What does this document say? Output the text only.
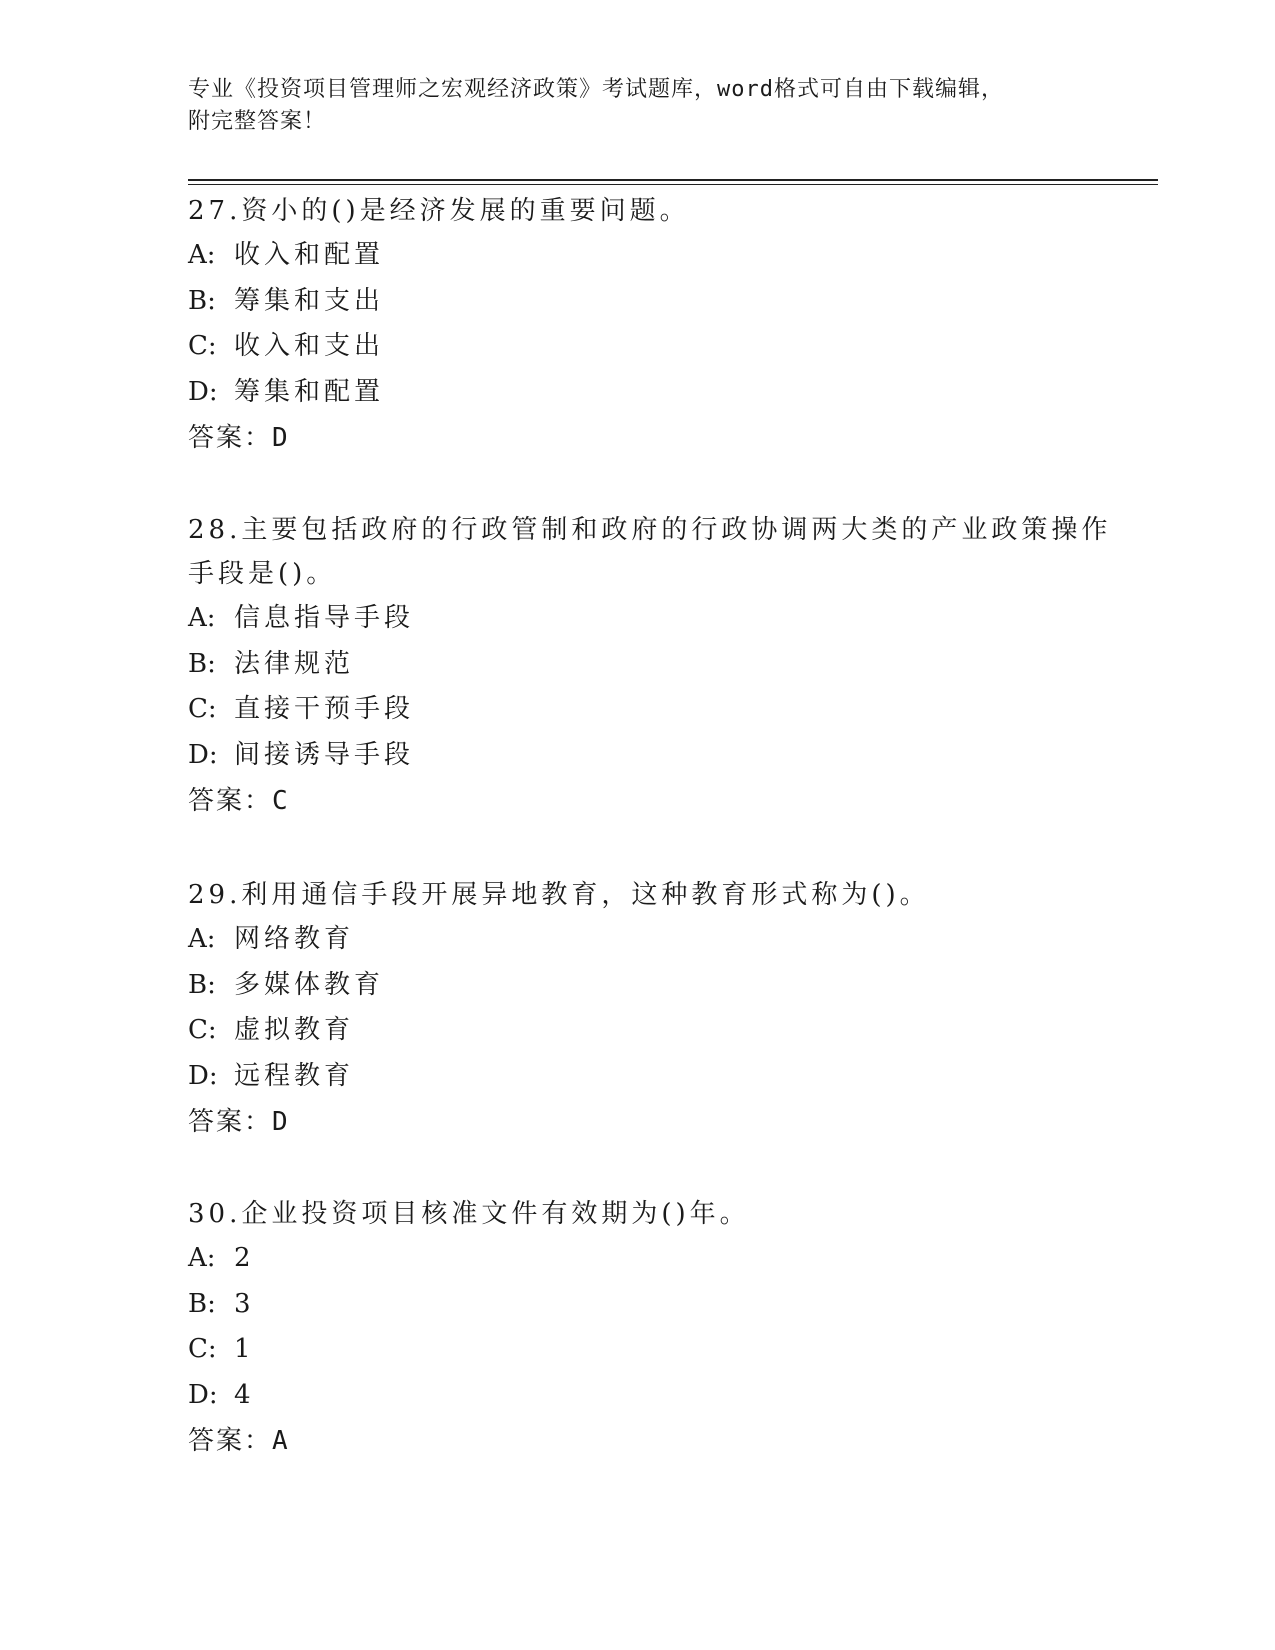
专业《投资项目管理师之宏观经济政策》考试题库，word格式可自由下载编辑，
附完整答案！

27.资小的()是经济发展的重要问题。

A: 收入和配置

B: 筹集和支出

C: 收入和支出

D: 筹集和配置

答案：D

28.主要包括政府的行政管制和政府的行政协调两大类的产业政策操作

手段是()。

A: 信息指导手段

B: 法律规范

C: 直接干预手段

D: 间接诱导手段

答案：C

29.利用通信手段开展异地教育，这种教育形式称为()。

A: 网络教育

B: 多媒体教育

C: 虚拟教育

D: 远程教育

答案：D

30.企业投资项目核准文件有效期为()年。

A: 2

B: 3

C: 1

D: 4

答案：A
